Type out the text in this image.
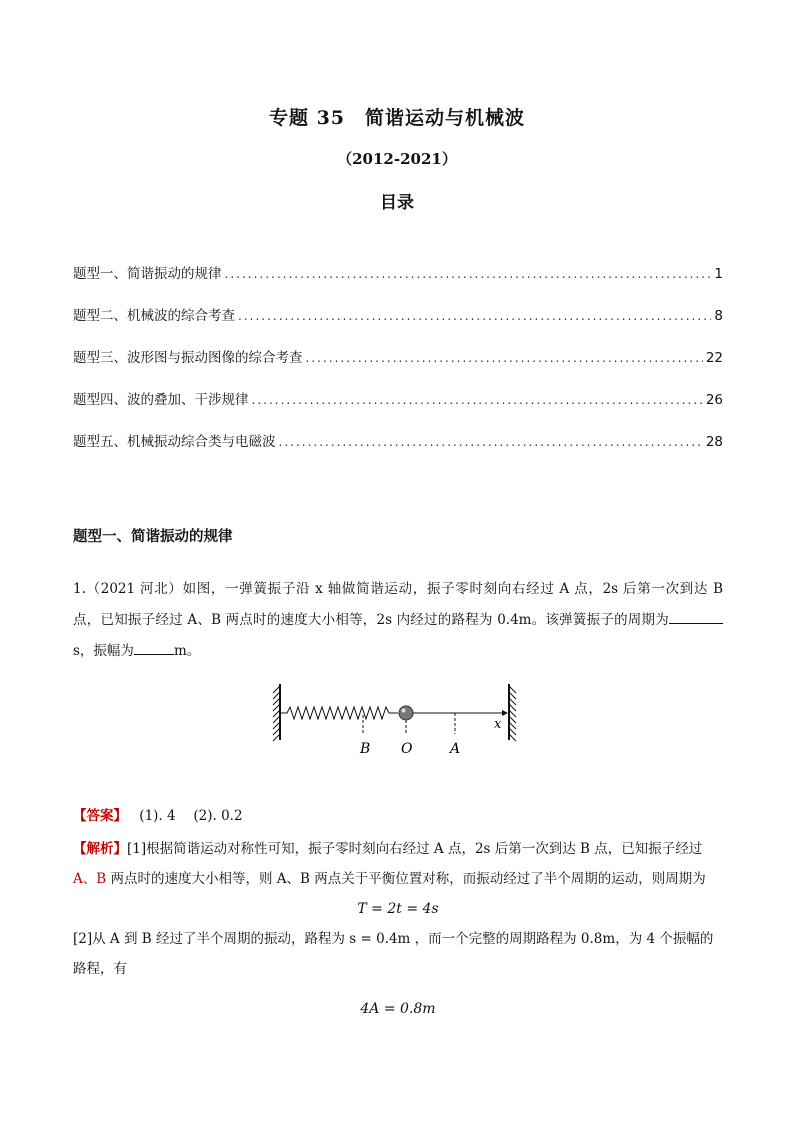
专题 35　简谐运动与机械波
（2012-2021）
目录
题型一、简谐振动的规律 .....	1
题型二、机械波的综合考查 .....	8
题型三、波形图与振动图像的综合考查 .....	22
题型四、波的叠加、干涉规律 .....	26
题型五、机械振动综合类与电磁波 .....	28
题型一、简谐振动的规律
1.（2021 河北）如图，一弹簧振子沿 x 轴做简谐运动，振子零时刻向右经过 A 点，2s 后第一次到达 B 点，已知振子经过 A、B 两点时的速度大小相等，2s 内经过的路程为 0.4m。该弹簧振子的周期为s，振幅为	m。
B O	A
x
【答案】 (1). 4　 (2). 0.2
【解析】[1]根据简谐运动对称性可知，振子零时刻向右经过 A 点，2s 后第一次到达 B 点，已知振子经过 A、B 两点时的速度大小相等，则 A、B 两点关于平衡位置对称，而振动经过了半个周期的运动，则周期为
T = 2t = 4s
[2]从 A 到 B 经过了半个周期的振动，路程为 s = 0.4m ，而一个完整的周期路程为 0.8m，为 4 个振幅的路程，有
4A = 0.8m
